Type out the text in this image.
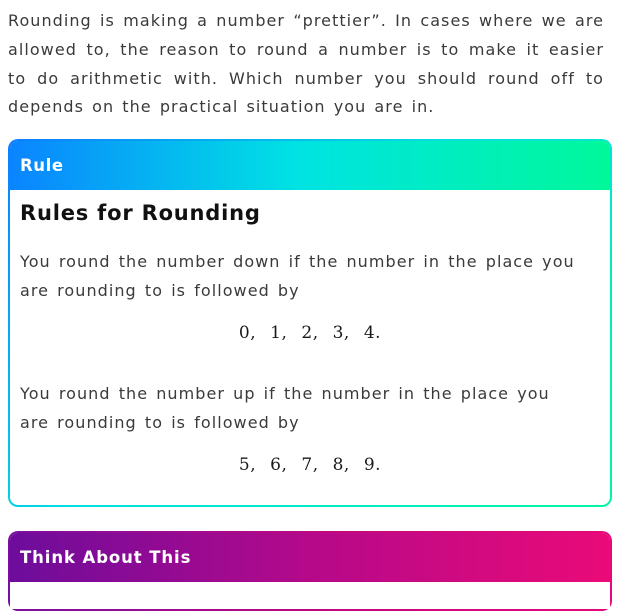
Rounding is making a number “prettier”. In cases where we are allowed to, the reason to round a number is to make it easier to do arithmetic with. Which number you should round off to depends on the practical situation you are in.

Rule
Rules for Rounding

You round the number down if the number in the place you are rounding to is followed by

0, 1, 2, 3, 4.

You round the number up if the number in the place you are rounding to is followed by

5, 6, 7, 8, 9.
Think About This
